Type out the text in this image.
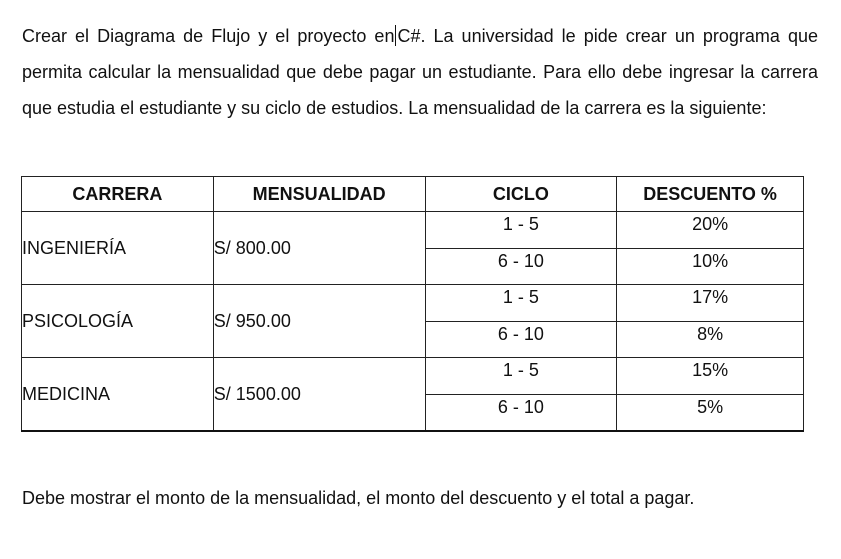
Crear el Diagrama de Flujo y el proyecto en C#. La universidad le pide crear un programa que permita calcular la mensualidad que debe pagar un estudiante. Para ello debe ingresar la carrera que estudia el estudiante y su ciclo de estudios. La mensualidad de la carrera es la siguiente:

CARRERA	MENSUALIDAD	CICLO	DESCUENTO %
INGENIERÍA	S/ 800.00	1 - 5	20%
		6 - 10	10%
PSICOLOGÍA	S/ 950.00	1 - 5	17%
		6 - 10	8%
MEDICINA	S/ 1500.00	1 - 5	15%
		6 - 10	5%

Debe mostrar el monto de la mensualidad, el monto del descuento y el total a pagar.
